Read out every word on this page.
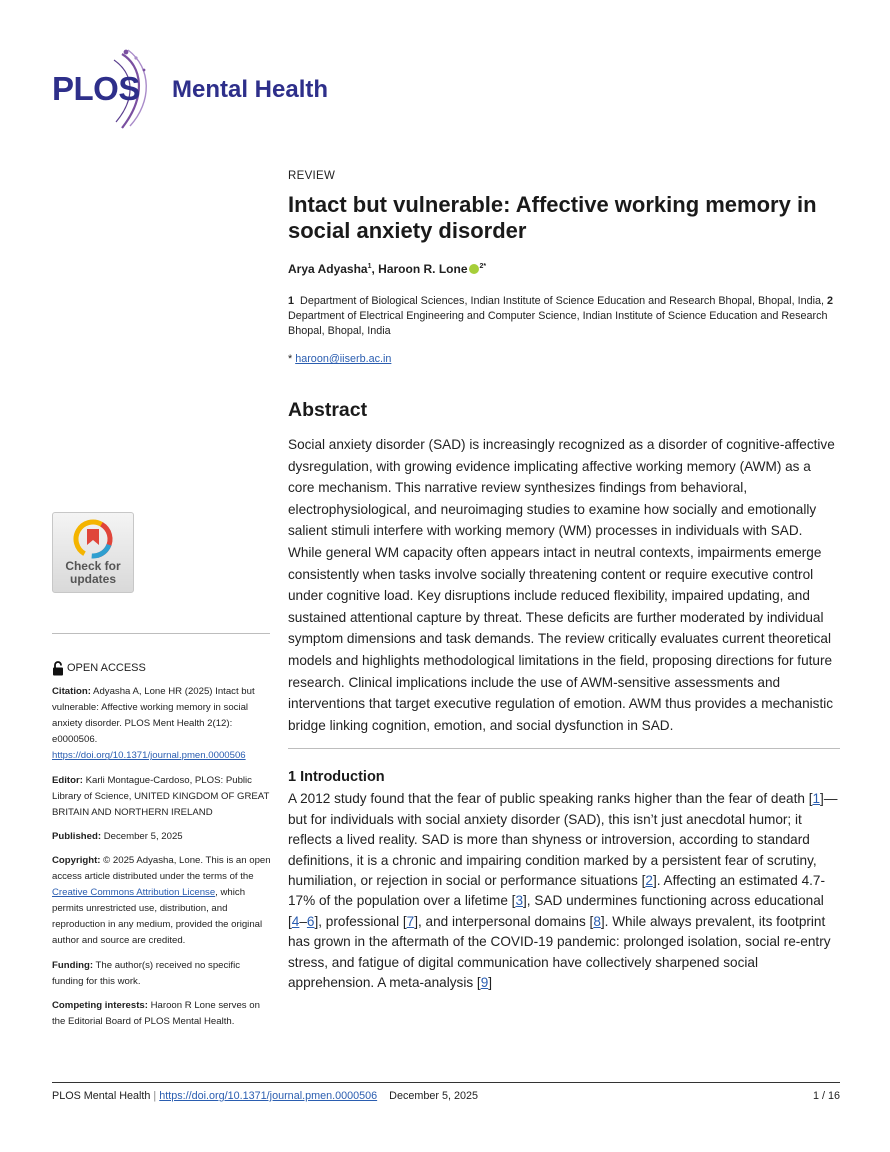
PLOS Mental Health
REVIEW
Intact but vulnerable: Affective working memory in social anxiety disorder
Arya Adyasha$^1$, Haroon R. Lone $^{2*}$
1 Department of Biological Sciences, Indian Institute of Science Education and Research Bhopal, Bhopal, India, 2  Department of Electrical Engineering and Computer Science, Indian Institute of Science Education and Research Bhopal, Bhopal, India
* haroon@iiserb.ac.in
Abstract

Social anxiety disorder (SAD) is increasingly recognized as a disorder of cognitive-affective dysregulation, with growing evidence implicating affective working memory (AWM) as a core mechanism. This narrative review synthesizes findings from behavioral, electrophysiological, and neuroimaging studies to examine how socially and emotionally salient stimuli interfere with working memory (WM) processes in individuals with SAD. While general WM capacity often appears intact in neutral contexts, impairments emerge consistently when tasks involve socially threatening content or require executive control under cognitive load. Key disruptions include reduced flexibility, impaired updating, and sustained attentional capture by threat. These deficits are further moderated by individual symptom dimensions and task demands. The review critically evaluates current theoretical models and highlights methodological limitations in the field, proposing directions for future research. Clinical implications include the use of AWM-sensitive assessments and interventions that target executive regulation of emotion. AWM thus provides a mechanistic bridge linking cognition, emotion, and social dysfunction in SAD.

1 Introduction

A 2012 study found that the fear of public speaking ranks higher than the fear of death [1]—but for individuals with social anxiety disorder (SAD), this isn’t just anecdotal humor; it reflects a lived reality. SAD is more than shyness or introversion, according to standard definitions, it is a chronic and impairing condition marked by a persistent fear of scrutiny, humiliation, or rejection in social or performance situations [2]. Affecting an estimated 4.7-17% of the population over a lifetime [3], SAD undermines functioning across educational [4–6], professional [7], and interpersonal domains [8]. While always prevalent, its footprint has grown in the aftermath of the COVID-19 pandemic: prolonged isolation, social re-entry stress, and fatigue of digital communication have collectively sharpened social apprehension. A meta-analysis [9]

Check for
updates
OPEN ACCESS

Citation: Adyasha A, Lone HR (2025) Intact but vulnerable: Affective working memory in social anxiety disorder. PLOS Ment Health 2(12): e0000506. https://doi.org/10.1371/journal.pmen.0000506

Editor: Karli Montague-Cardoso, PLOS: Public Library of Science, UNITED KINGDOM OF GREAT BRITAIN AND NORTHERN IRELAND

Published: December 5, 2025

Copyright: © 2025 Adyasha, Lone. This is an open access article distributed under the terms of the Creative Commons Attribution License, which permits unrestricted use, distribution, and reproduction in any medium, provided the original author and source are credited.

Funding: The author(s) received no specific funding for this work.

Competing interests: Haroon R Lone serves on the Editorial Board of PLOS Mental Health.

PLOS Mental Health | https://doi.org/10.1371/journal.pmen.0000506 December 5, 2025	1 / 16
